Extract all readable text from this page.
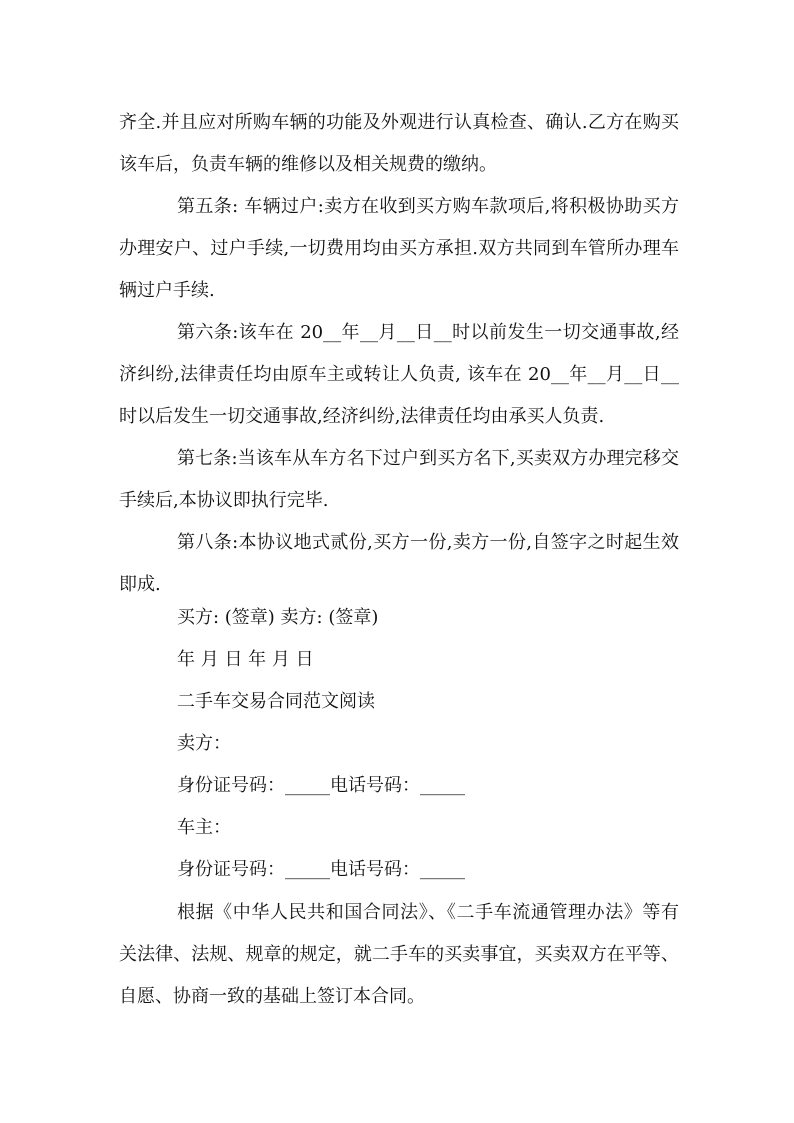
齐全.并且应对所购车辆的功能及外观进行认真检查、确认.乙方在购买该车后，负责车辆的维修以及相关规费的缴纳。

第五条: 车辆过户:卖方在收到买方购车款项后,将积极协助买方办理安户、过户手续,一切费用均由买方承担.双方共同到车管所办理车辆过户手续.

第六条:该车在 20__年__月__日__时以前发生一切交通事故,经济纠纷,法律责任均由原车主或转让人负责, 该车在 20__年__月__日__时以后发生一切交通事故,经济纠纷,法律责任均由承买人负责.

第七条:当该车从车方名下过户到买方名下,买卖双方办理完移交手续后,本协议即执行完毕.

第八条:本协议地式贰份,买方一份,卖方一份,自签字之时起生效即成.

买方: (签章) 卖方: (签章)
年 月 日 年 月 日
二手车交易合同范文阅读
卖方：
身份证号码：_____电话号码：_____
车主：
身份证号码：_____电话号码：_____

根据《中华人民共和国合同法》、《二手车流通管理办法》等有关法律、法规、规章的规定，就二手车的买卖事宜，买卖双方在平等、自愿、协商一致的基础上签订本合同。
